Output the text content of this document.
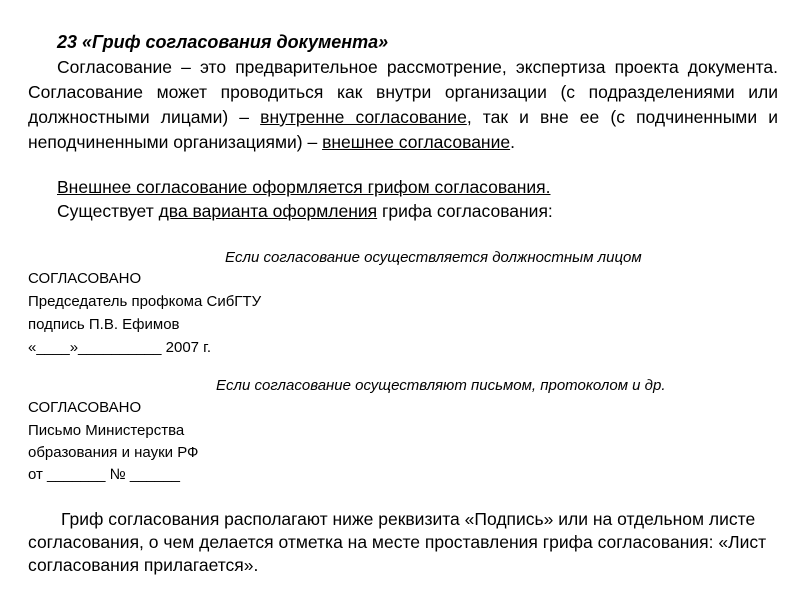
23 «Гриф согласования документа»

Согласование – это предварительное рассмотрение, экспертиза проекта документа. Согласование может проводиться как внутри организации (с подразделениями или должностными лицами) – внутренне согласование, так и вне ее (с подчиненными и неподчиненными организациями) – внешнее согласование.

Внешнее согласование оформляется грифом согласования.
Существует два варианта оформления грифа согласования:
Если согласование осуществляется должностным лицом
СОГЛАСОВАНО
Председатель профкома СибГТУ
подпись П.В. Ефимов
«____»__________ 2007 г.
Если согласование осуществляют письмом, протоколом и др.
СОГЛАСОВАНО
Письмо Министерства
образования и науки РФ
от _______ № ______

Гриф согласования располагают ниже реквизита «Подпись» или на отдельном листе согласования, о чем делается отметка на месте проставления грифа согласования: «Лист согласования прилагается».
